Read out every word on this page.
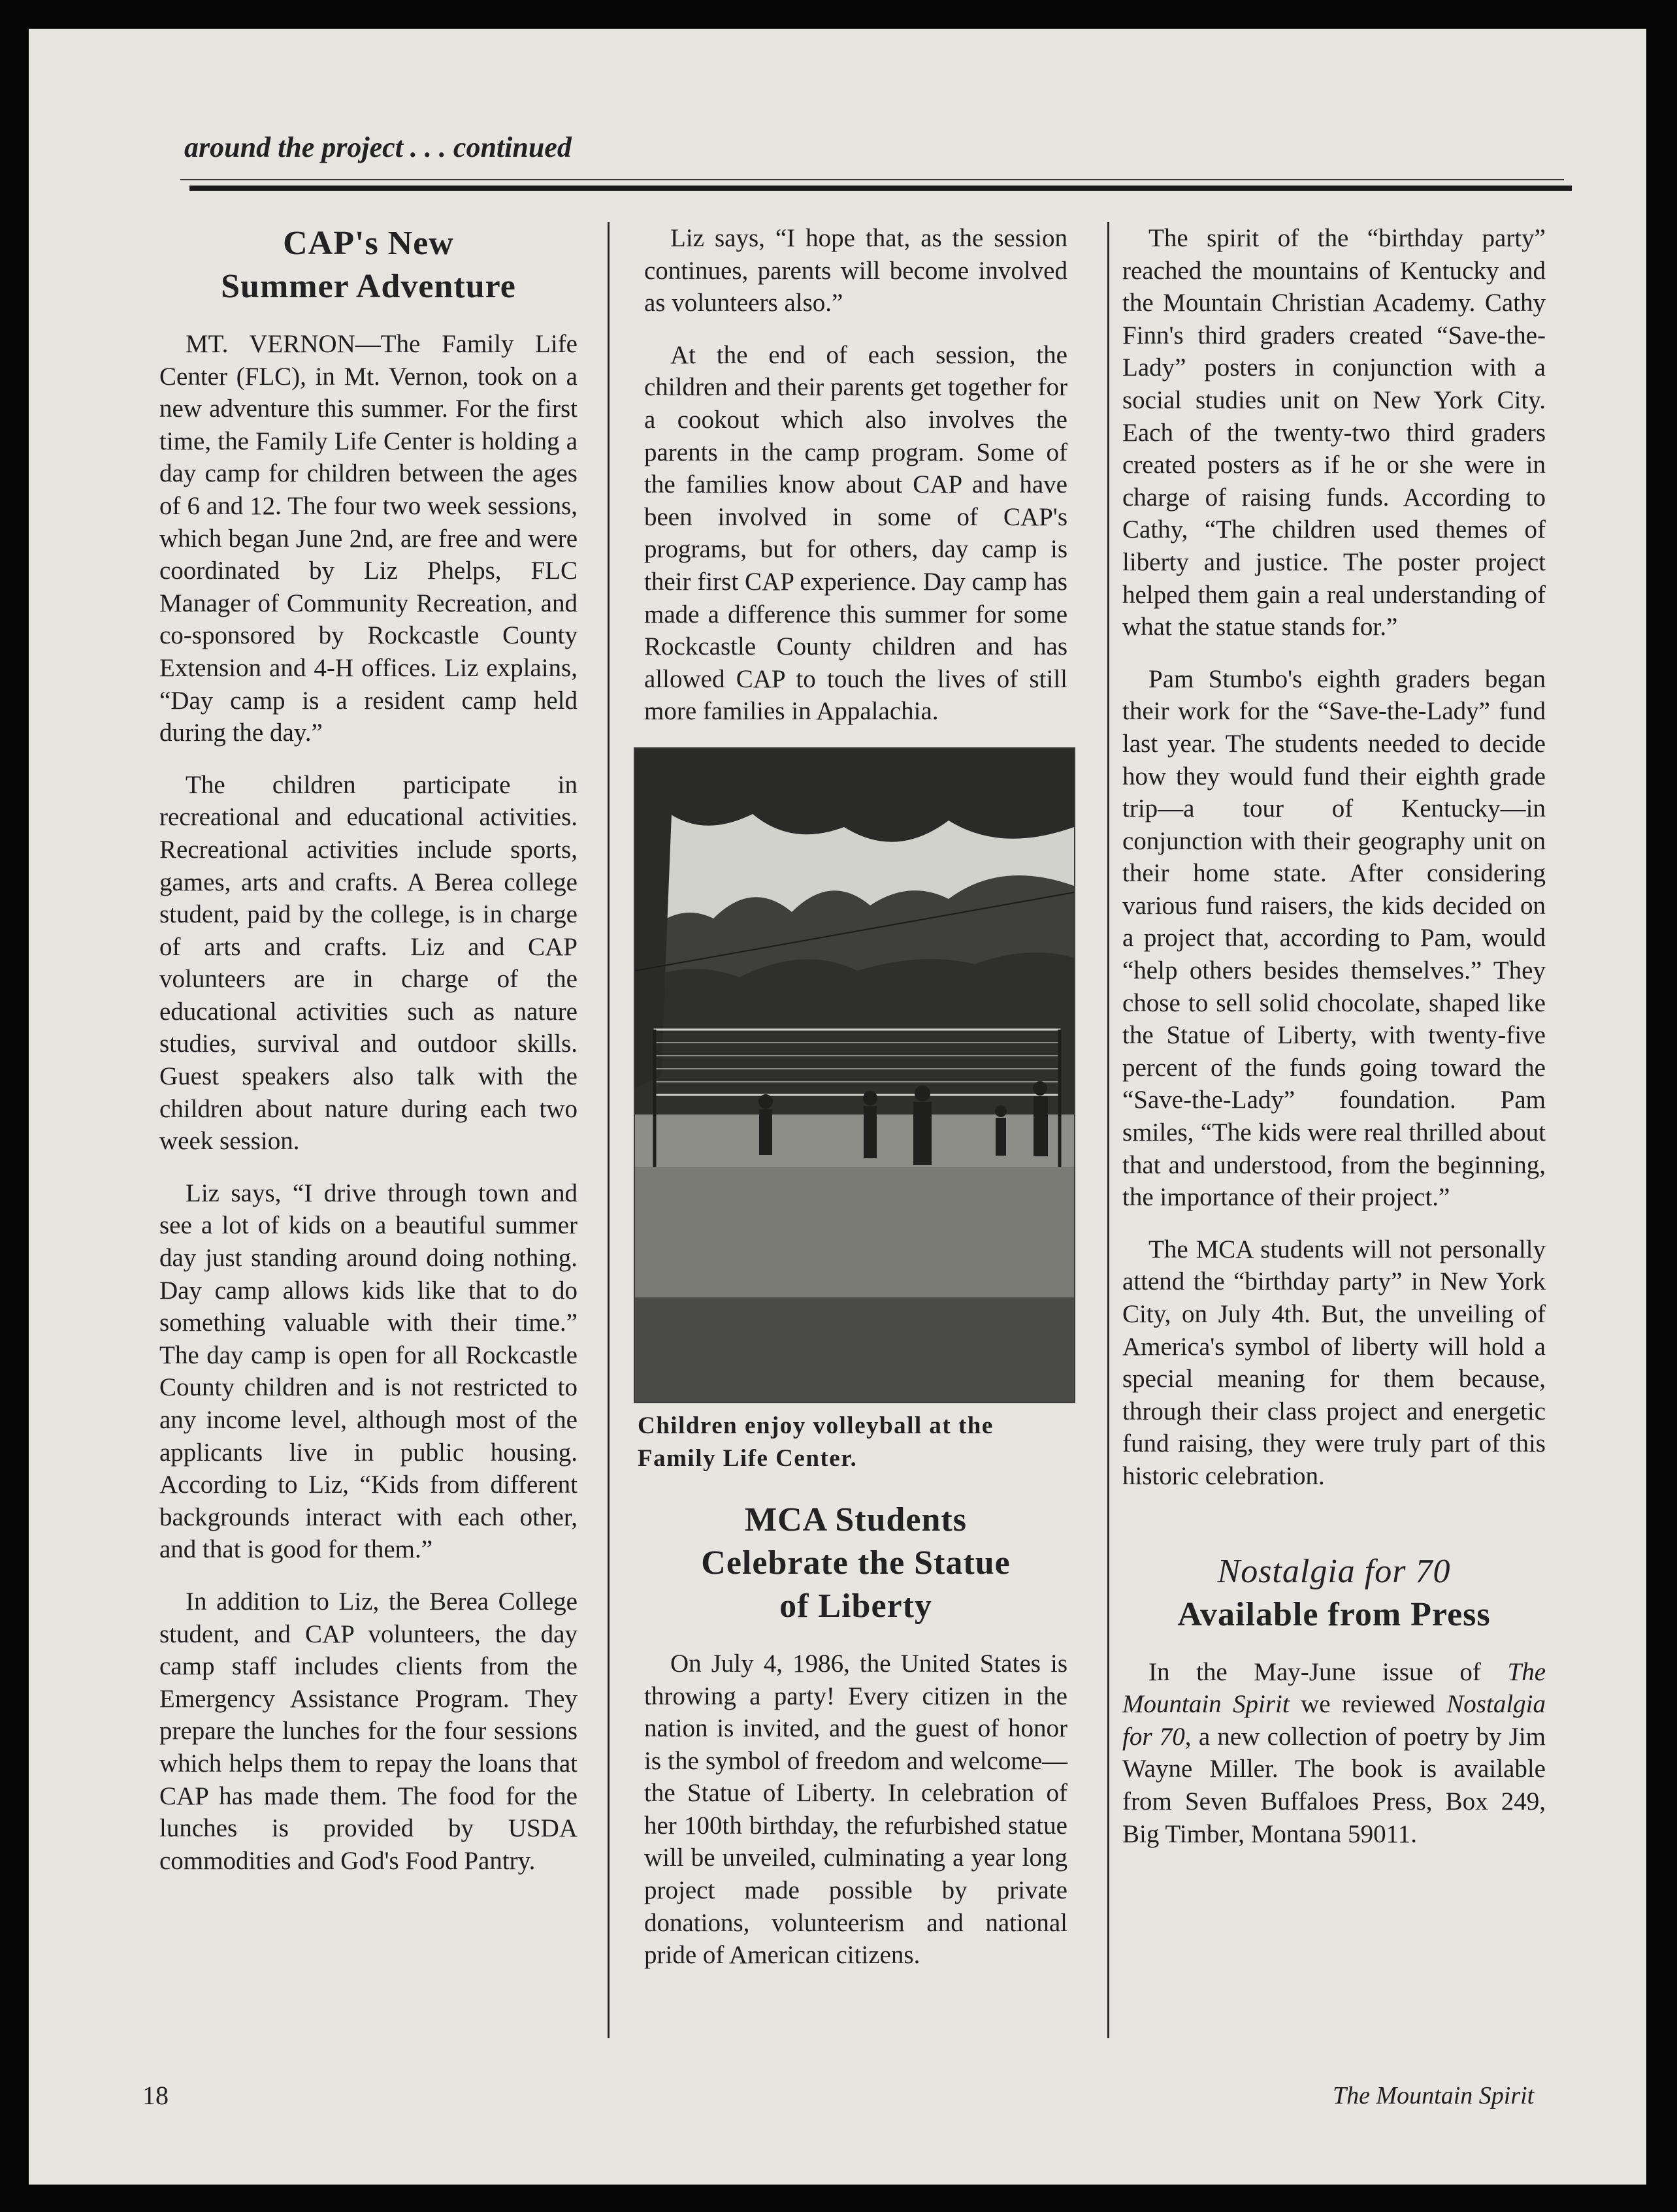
around the project . . . continued
CAP's New
Summer Adventure

MT. VERNON—The Family Life Center (FLC), in Mt. Vernon, took on a new adventure this summer. For the first time, the Family Life Center is holding a day camp for children between the ages of 6 and 12. The four two week sessions, which began June 2nd, are free and were coordinated by Liz Phelps, FLC Manager of Community Recreation, and co-sponsored by Rockcastle County Extension and 4-H offices. Liz explains, “Day camp is a resident camp held during the day.”

The children participate in recreational and educational activities. Recreational activities include sports, games, arts and crafts. A Berea college student, paid by the college, is in charge of arts and crafts. Liz and CAP volunteers are in charge of the educational activities such as nature studies, survival and outdoor skills. Guest speakers also talk with the children about nature during each two week session.

Liz says, “I drive through town and see a lot of kids on a beautiful summer day just standing around doing nothing. Day camp allows kids like that to do something valuable with their time.” The day camp is open for all Rockcastle County children and is not restricted to any income level, although most of the applicants live in public housing. According to Liz, “Kids from different backgrounds interact with each other, and that is good for them.”

In addition to Liz, the Berea College student, and CAP volunteers, the day camp staff includes clients from the Emergency Assistance Program. They prepare the lunches for the four sessions which helps them to repay the loans that CAP has made them. The food for the lunches is provided by USDA commodities and God's Food Pantry.

Liz says, “I hope that, as the session continues, parents will become involved as volunteers also.”

At the end of each session, the children and their parents get together for a cookout which also involves the parents in the camp program. Some of the families know about CAP and have been involved in some of CAP's programs, but for others, day camp is their first CAP experience. Day camp has made a difference this summer for some Rockcastle County children and has allowed CAP to touch the lives of still more families in Appalachia.

Children enjoy volleyball at the Family Life Center.
MCA Students
Celebrate the Statue
of Liberty

On July 4, 1986, the United States is throwing a party! Every citizen in the nation is invited, and the guest of honor is the symbol of freedom and welcome—the Statue of Liberty. In celebration of her 100th birthday, the refurbished statue will be unveiled, culminating a year long project made possible by private donations, volunteerism and national pride of American citizens.

The spirit of the “birthday party” reached the mountains of Kentucky and the Mountain Christian Academy. Cathy Finn's third graders created “Save-the-Lady” posters in conjunction with a social studies unit on New York City. Each of the twenty-two third graders created posters as if he or she were in charge of raising funds. According to Cathy, “The children used themes of liberty and justice. The poster project helped them gain a real understanding of what the statue stands for.”

Pam Stumbo's eighth graders began their work for the “Save-the-Lady” fund last year. The students needed to decide how they would fund their eighth grade trip—a tour of Kentucky—in conjunction with their geography unit on their home state. After considering various fund raisers, the kids decided on a project that, according to Pam, would “help others besides themselves.” They chose to sell solid chocolate, shaped like the Statue of Liberty, with twenty-five percent of the funds going toward the “Save-the-Lady” foundation. Pam smiles, “The kids were real thrilled about that and understood, from the beginning, the importance of their project.”

The MCA students will not personally attend the “birthday party” in New York City, on July 4th. But, the unveiling of America's symbol of liberty will hold a special meaning for them because, through their class project and energetic fund raising, they were truly part of this historic celebration.

Nostalgia for 70
Available from Press

In the May-June issue of The Mountain Spirit we reviewed Nostalgia for 70, a new collection of poetry by Jim Wayne Miller. The book is available from Seven Buffaloes Press, Box 249, Big Timber, Montana 59011.

18	The Mountain Spirit
